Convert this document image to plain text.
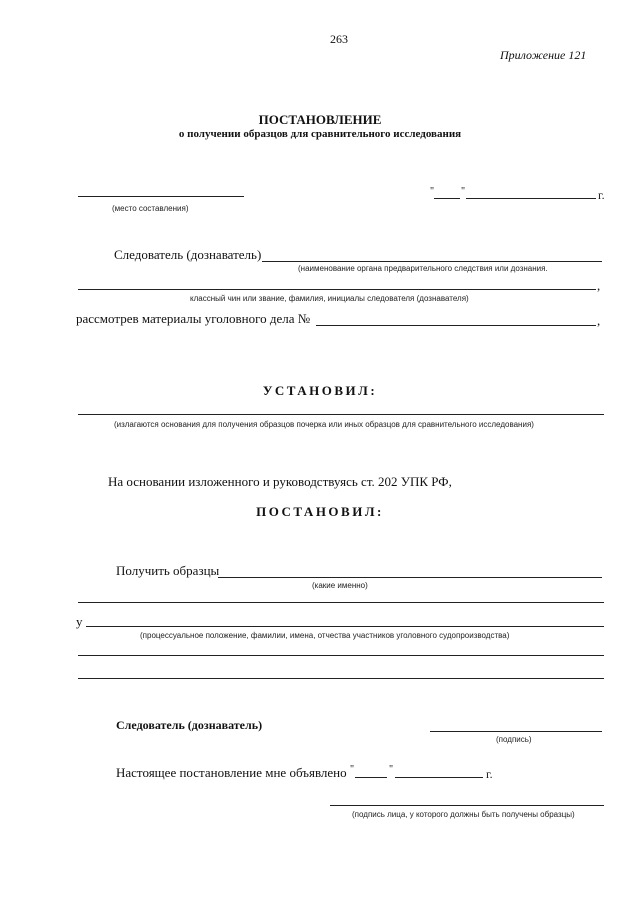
263
Приложение 121
ПОСТАНОВЛЕНИЕ
о получении образцов для сравнительного исследования
(место составления)
"	"	г.
Следователь (дознаватель)
(наименование органа предварительного следствия или дознания.
,
классный чин или звание, фамилия, инициалы следователя (дознавателя)
рассмотрев материалы уголовного дела №	,
УСТАНОВИЛ:
(излагаются основания для получения образцов почерка или иных образцов для сравнительного исследования)
На основании изложенного и руководствуясь ст. 202 УПК РФ,
ПОСТАНОВИЛ:
Получить образцы
(какие именно)
у
(процессуальное положение, фамилии, имена, отчества участников уголовного судопроизводства)
Следователь (дознаватель)
(подпись)
Настоящее постановление мне объявлено "	"	г.
(подпись лица, у которого должны быть получены образцы)
